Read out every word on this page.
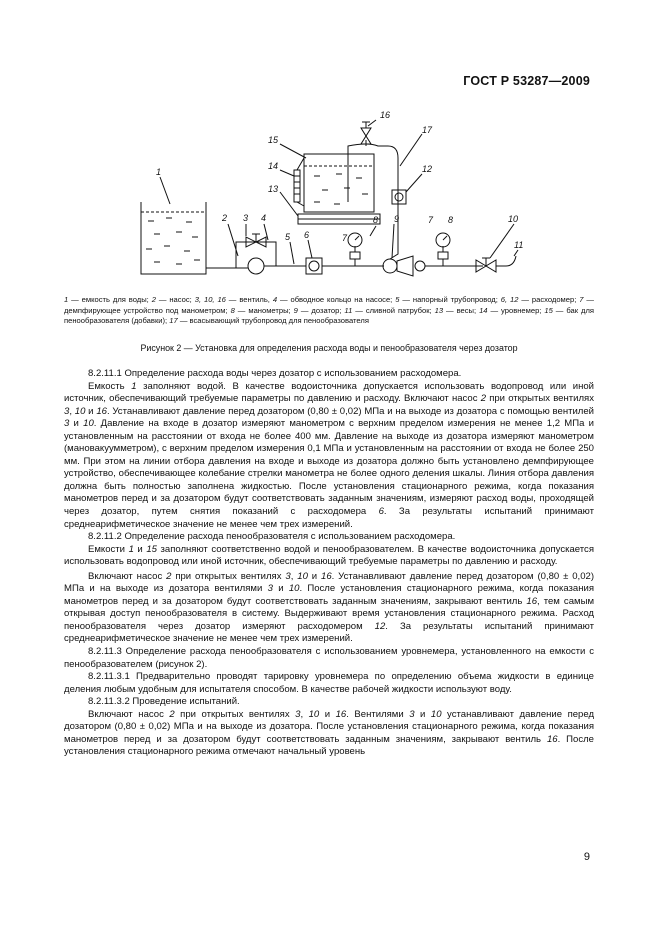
ГОСТ Р 53287—2009
1
2 3 4
5 6	7
8 9	7 8	10
11
12
13
14
15
16
17
1 — емкость для воды; 2 — насос; 3, 10, 16 — вентиль, 4 — обводное кольцо на насосе; 5 — напорный трубопровод; 6, 12 — расходомер; 7 — демпфирующее устройство под манометром; 8 — манометры; 9 — дозатор; 11 — сливной патрубок; 13 — весы; 14 — уровнемер; 15 — бак для пенообразователя (добавки); 17 — всасывающий трубопровод для пенообразователя
Рисунок 2 — Установка для определения расхода воды и пенообразователя через дозатор

8.2.11.1 Определение расхода воды через дозатор с использованием расходомера.

Емкость 1 заполняют водой. В качестве водоисточника допускается использовать водопровод или иной источник, обеспечивающий требуемые параметры по давлению и расходу. Включают насос 2 при открытых вентилях 3, 10 и 16. Устанавливают давление перед дозатором (0,80 ± 0,02) МПа и на выходе из дозатора с помощью вентилей 3 и 10. Давление на входе в дозатор измеряют манометром с верхним пределом измерения не менее 1,2 МПа и установленным на расстоянии от входа не более 400 мм. Давление на выходе из дозатора измеряют манометром (мановакуумметром), с верхним пределом измерения 0,1 МПа и установленным на расстоянии от входа не более 250 мм. При этом на линии отбора давления на входе и выходе из дозатора должно быть установлено демпфирующее устройство, обеспечивающее колебание стрелки манометра не более одного деления шкалы. Линия отбора давления должна быть полностью заполнена жидкостью. После установления стационарного режима, когда показания манометров перед и за дозатором будут соответствовать заданным значениям, измеряют расход воды, проходящей через дозатор, путем снятия показаний с расходомера 6. За результаты испытаний принимают среднеарифметическое значение не менее чем трех измерений.

8.2.11.2 Определение расхода пенообразователя с использованием расходомера.

Емкости 1 и 15 заполняют соответственно водой и пенообразователем. В качестве водоисточника допускается использовать водопровод или иной источник, обеспечивающий требуемые параметры по давлению и расходу.

Включают насос 2 при открытых вентилях 3, 10 и 16. Устанавливают давление перед дозатором (0,80 ± 0,02) МПа и на выходе из дозатора вентилями 3 и 10. После установления стационарного режима, когда показания манометров перед и за дозатором будут соответствовать заданным значениям, закрывают вентиль 16, тем самым открывая доступ пенообразователя в систему. Выдерживают время установления стационарного режима. Расход пенообразователя через дозатор измеряют расходомером 12. За результаты испытаний принимают среднеарифметическое значение не менее чем трех измерений.

8.2.11.3 Определение расхода пенообразователя с использованием уровнемера, установленного на емкости с пенообразователем (рисунок 2).

8.2.11.3.1 Предварительно проводят тарировку уровнемера по определению объема жидкости в единице деления любым удобным для испытателя способом. В качестве рабочей жидкости используют воду.

8.2.11.3.2 Проведение испытаний.

Включают насос 2 при открытых вентилях 3, 10 и 16. Вентилями 3 и 10 устанавливают давление перед дозатором (0,80 ± 0,02) МПа и на выходе из дозатора. После установления стационарного режима, когда показания манометров перед и за дозатором будут соответствовать заданным значениям, закрывают вентиль 16. После установления стационарного режима отмечают начальный уровень

9
